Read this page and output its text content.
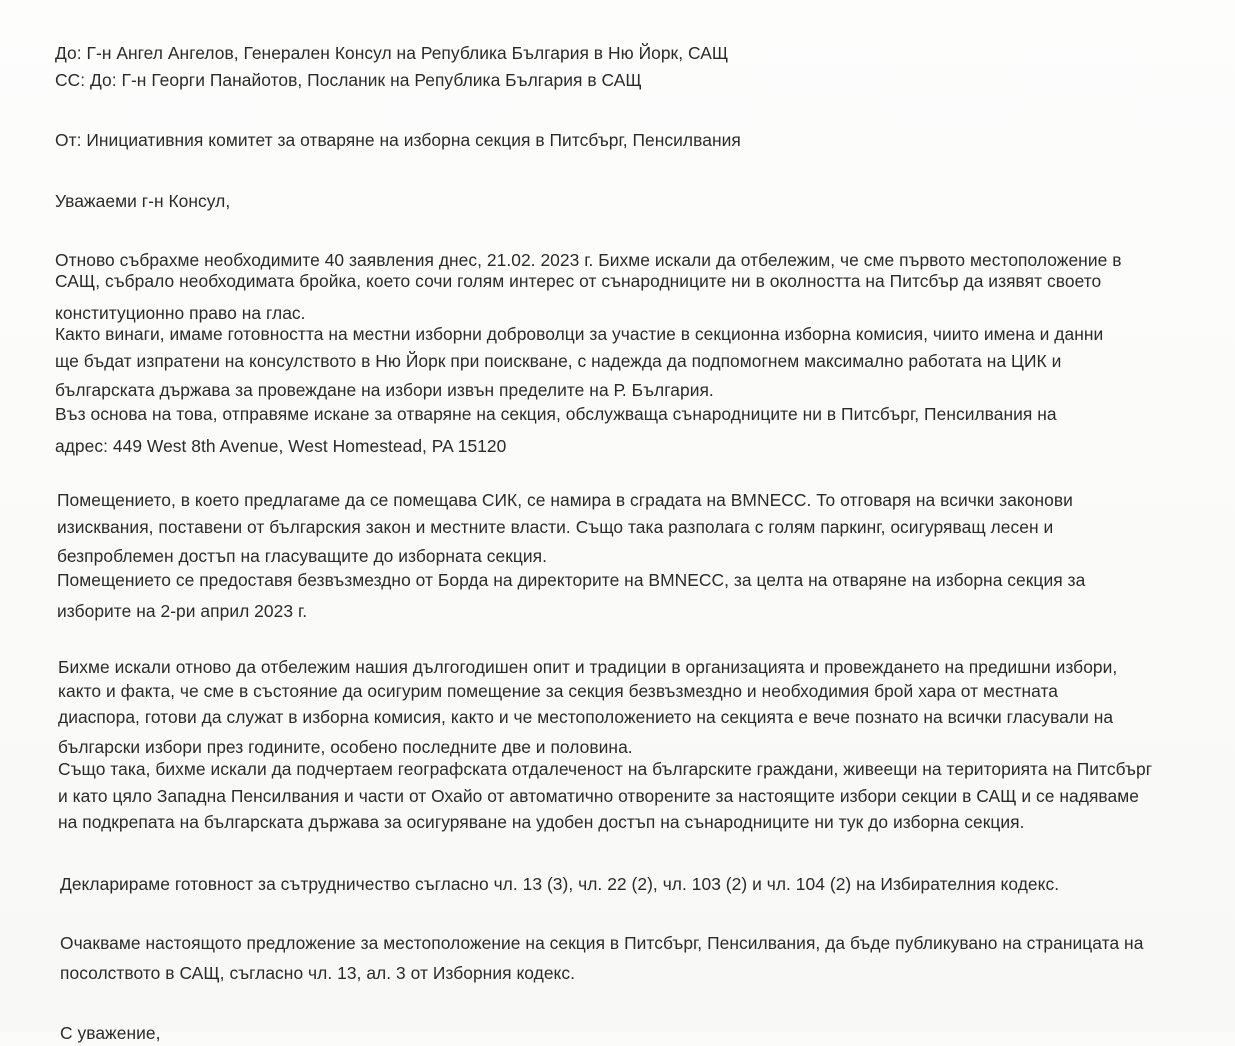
До: Г-н Ангел Ангелов, Генерален Консул на Република България в Ню Йорк, САЩ
СС: До: Г-н Георги Панайотов, Посланик на Република България в САЩ
От: Инициативния комитет за отваряне на изборна секция в Питсбърг, Пенсилвания
Уважаеми г-н Консул,
Отново събрахме необходимите 40 заявления днес, 21.02. 2023 г. Бихме искали да отбележим, че сме първото местоположение в
САЩ, събрало необходимата бройка, което сочи голям интерес от сънародниците ни в околността на Питсбър да изявят своето
конституционно право на глас.
Както винаги, имаме готовността на местни изборни доброволци за участие в секционна изборна комисия, чиито имена и данни
ще бъдат изпратени на консулството в Ню Йорк при поискване, с надежда да подпомогнем максимално работата на ЦИК и
българската държава за провеждане на избори извън пределите на Р. България.
Въз основа на това, отправяме искане за отваряне на секция, обслужваща сънародниците ни в Питсбърг, Пенсилвания на
адрес: 449 West 8th Avenue, West Homestead, PA 15120
Помещението, в което предлагаме да се помещава СИК, се намира в сградата на BMNECC. То отговаря на всички законови
изисквания, поставени от българския закон и местните власти. Също така разполага с голям паркинг, осигуряващ лесен и
безпроблемен достъп на гласуващите до изборната секция.
Помещението се предоставя безвъзмездно от Борда на директорите на BMNECC, за целта на отваряне на изборна секция за
изборите на 2-ри април 2023 г.
Бихме искали отново да отбележим нашия дългогодишен опит и традиции в организацията и провеждането на предишни избори,
както и факта, че сме в състояние да осигурим помещение за секция безвъзмездно и необходимия брой хара от местната
диаспора, готови да служат в изборна комисия, както и че местоположението на секцията е вече познато на всички гласували на
български избори през годините, особено последните две и половина.
Също така, бихме искали да подчертаем географската отдалеченост на българските граждани, живеещи на територията на Питсбърг
и като цяло Западна Пенсилвания и части от Охайо от автоматично отворените за настоящите избори секции в САЩ и се надяваме
на подкрепата на българската държава за осигуряване на удобен достъп на сънародниците ни тук до изборна секция.
Декларираме готовност за сътрудничество съгласно чл. 13 (3), чл. 22 (2), чл. 103 (2) и чл. 104 (2) на Избирателния кодекс.
Очакваме настоящото предложение за местоположение на секция в Питсбърг, Пенсилвания, да бъде публикувано на страницата на
посолството в САЩ, съгласно чл. 13, ал. 3 от Изборния кодекс.
С уважение,
